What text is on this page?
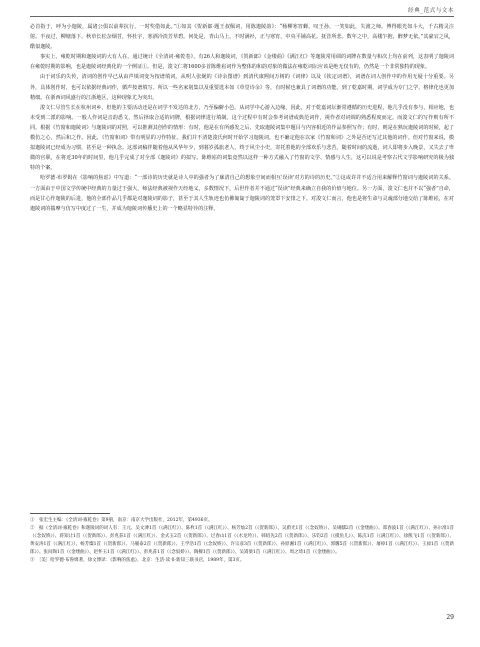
经典_范式与文本

必首指于，呼为小迦陵，属诸公俱以前辈抗行，一时奖借如此。”①如其《贺新郎·题王叔佩词，用陈迦陵韵》：“杨柳寒宵蝉。叹王孙，一笑如此，失渡之师。博得眼光如斗大，千古精灵注射。半夜过，柳塘落下。秋草长松杂烟苕，怀杜宇，寒酒冷淡芳草碧。何处是，青山马上。不时满衫，正与寒宵，中央平铺高花。抚昔所悲。数年之中，高楼乍抱，醉梦无依。”其豪宕之风，酷似迦陵。

事实上，雍乾时期和迦陵词的大有人在。通过统计《全清词·雍乾卷》，有26人和迦陵词，《贺新郎》《金缕曲》《满江红》等迦陵常用调的词牌在数量与和次上均在前列，这表明了迦陵词在雍乾时期的影响，也是迦陵词经典化的一个例证①。但是，浚文仁将1600多首陈维崧词作为整体的和韵对象的做法在雍乾词坛应该是绝无仅有的，仍然是一个非常独特的现象。

由于词乐的失传，清词的创作早已从由声填词变为按谱填词。从明人张綖的《诗余图谱》到清代康熙间万树的《词律》以及《钦定词谱》，词谱在词人创作中的作用无疑十分重要。另外，具体创作时，也可以依据经典词作，循声按谱填写。所以一些名家别集以及重要选本如《草堂诗余》等，有时候也兼具了词谱的功能。到了乾嘉时期，词学成为专门之学，格律化也更加精细。在浙西词风盛行的江浙地区，这种现象尤为突出。

浚文仁尽管生长在杭州词乡，但他的主要活动还是在词学不发达的北方，乃至偏僻小邑。从词学中心游入边缘，因此，对于乾嘉词坛渐常遵循的历史进程，他几乎没有参与，相应地，也未受到二派的影响。一般人作词是音韵悉文，然后择取合适的词牌，根据词律进行填制。这个过程中有时会参考词谱或典范词作，视作者对词调的熟悉程度而定。而浚文仁的写作则有所不同。根据《竹窗和迦陵词》与迦陵词的对照，可以推测其创作的情形：有时，他是在有所感发之后，先取迦陵词集中题目与内容相近的作品参照写作；有时，则是在熟玩迦陵词的时候，起了模仿之心，然后和之作。因此，《竹窗和词》带有明显的习作特征。我们并不清楚浚氏何时开始学习迦陵词，也不确定他在以家《竹窗和词》之外是否还写过其他的词作。但对竹窗来说，模拟迦陵词已经成为习惯，甚至是一种执念。这部词稿伴随着他从风华年少，到暮岁孤旅老人，终于风尘小史，寄托着他的全部欢乐与悲苦。随着时间的流逝，词人即将步入晚景，又失去了卑微的官职，在将近30年的时间里，他几乎完成了对全部《迦陵词》的拟写。陈维崧的词集竟然以这样一种方式融入了竹窗的文学、情感与人生，这可以说是考察古代文学影响研究的极为独特的个案。

哈罗德·布罗姆在《影响的焦虑》中写道：“一部诗的历史就是诗人中的强者为了廓清自己的想象空间而相互'误读'对方的诗的历史。”②这或许并不适合用来解释竹窗词与迦陵词的关系。一方面由于中国文学传统中经典的力量过于强大，师法经典被视作天经地义，多数情况下，后世作者并不通过“误读”经典来确立自我的价值与地位。另一方面，浚文仁也并不以“强者”自命，而是甘心作迦陵的后进，他的全部作品几乎都是对迦陵词的影子，甚至于其人生轨迹也仿佛匍匐于迦陵词的笼罩下安排之下。对浚文仁而言，他也是将生命与灵魂部分地交给了陈维崧，在对迦陵词的揣摩与仿写中度过了一生，并成为迦陵词传播史上的一个略显特异的注释。

①　张宏生主编：《全清词·雍乾卷》第9册，南京：南京大学出版社，2012年，第4936页。

②　据《全清词·雍乾卷》和迦陵词的词人有：王元、吴文溥1首（《满江红》）、陈枚1首（《满江红》）、杨芳灿2首（《贺新郎》）、吴蔚光1首（《念奴娇》）、吴锡麒2首（《金缕曲》）、郑春波1首（《满江红》）、孙尔准1首（《念奴娇》）、蒋知让1首（《贺新郎》）、彭兆荪1首（《满江红》）、金式玉2首（《贺新郎》）、过春山1首（《水龙吟》）、韩绍先2首（《贺新郎》）、乐钧2首（《摸鱼儿》）、陈沆1首（《满江红》）、徐熊飞1首（《贺新郎》）、黄安涛1首（《满江红》）、杨芳燦1首（《贺新郎》）、马履泰2首（《贺新郎》）、王学浩1首（《念奴娇》）、许宗彦3首（《贺新郎》）、孙原湘1首（《满江红》）、郭麐5首（《贺新郎》）、屠倬1首（《满江红》）、王昶1首（《贺新郎》）、张问陶1首（《金缕曲》）、赵怀玉1首（《满江红》）、彭兆荪1首（《念奴娇》）、陶樑1首（《贺新郎》）、吴嵩梁1首（《满江红》）、周之琦1首（《金缕曲》）。

③　［美］哈罗德·布鲁姆著，徐文博译：《影响的焦虑》，北京：生活·读书·新知三联书店，1989年，第3页。

29
